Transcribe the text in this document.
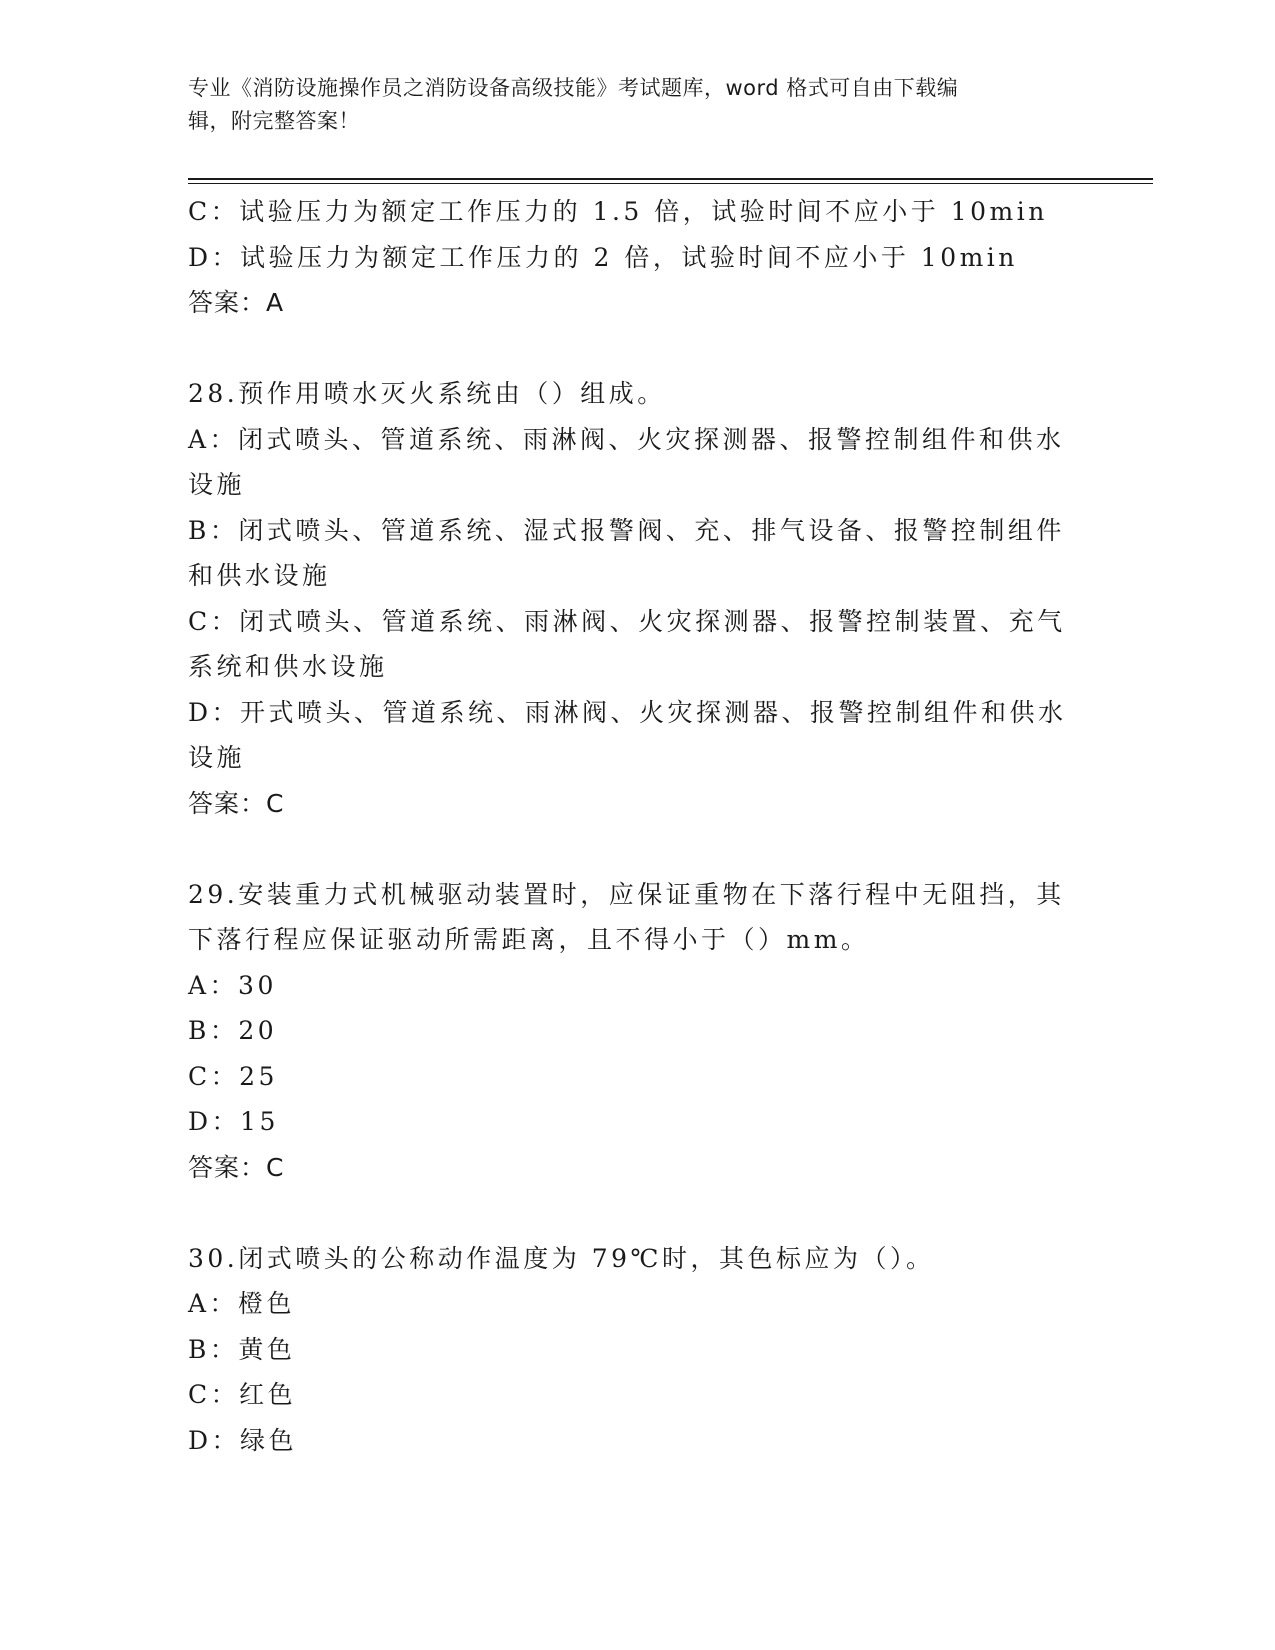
专业《消防设施操作员之消防设备高级技能》考试题库，word 格式可自由下载编
辑，附完整答案！
C：试验压力为额定工作压力的 1.5 倍，试验时间不应小于 10min
D：试验压力为额定工作压力的 2 倍，试验时间不应小于 10min
答案：A
28.预作用喷水灭火系统由（）组成。
A：闭式喷头、管道系统、雨淋阀、火灾探测器、报警控制组件和供水
设施
B：闭式喷头、管道系统、湿式报警阀、充、排气设备、报警控制组件
和供水设施
C：闭式喷头、管道系统、雨淋阀、火灾探测器、报警控制装置、充气
系统和供水设施
D：开式喷头、管道系统、雨淋阀、火灾探测器、报警控制组件和供水
设施
答案：C
29.安装重力式机械驱动装置时，应保证重物在下落行程中无阻挡，其
下落行程应保证驱动所需距离，且不得小于（）mm。
A：30
B：20
C：25
D：15
答案：C
30.闭式喷头的公称动作温度为 79℃时，其色标应为（）。
A：橙色
B：黄色
C：红色
D：绿色
